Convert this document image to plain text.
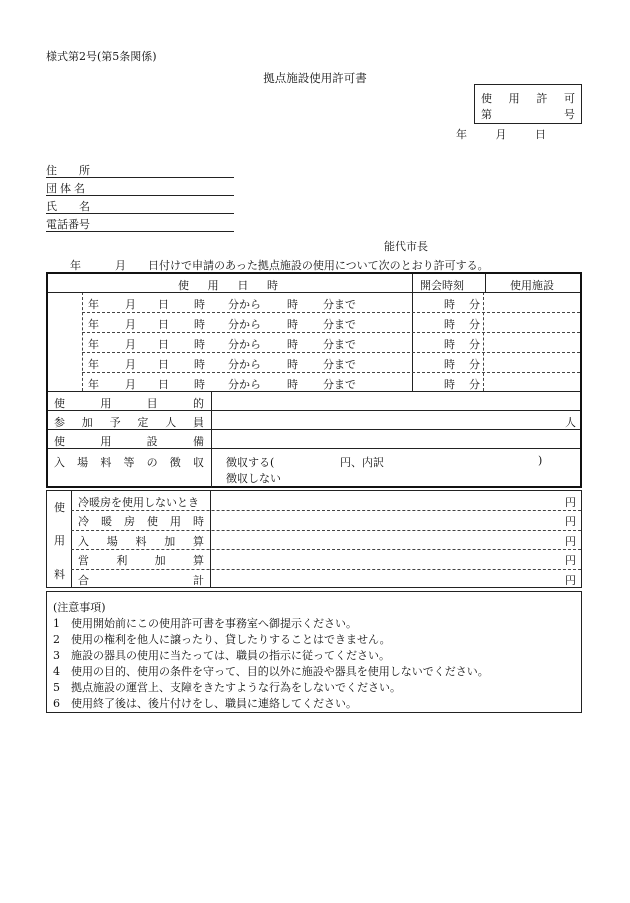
様式第2号(第5条関係)
拠点施設使用許可書
使 用 許 可
第	号
年	月	日
住　　所
団体名
氏　　名
電話番号
能代市長
年	月 日付けで申請のあった拠点施設の使用について次のとおり許可する。
使 用 日 時	開会時刻	使用施設
年 月 日 時 分から 時 分まで	時 分
年 月 日 時 分から 時 分まで	時 分
年 月 日 時 分から 時 分まで	時 分
年 月 日 時 分から 時 分まで	時 分
年 月 日 時 分から 時 分まで	時 分
使	用	目	的
参 加 予 定 人 員	人
使	用	設	備
入 場 料 等 の 徴 収 徴収する(	円、内訳	)
徴収しない
使
用
料
冷暖房を使用しないとき	円
冷 暖 房 使 用 時	円
入 場 料 加 算	円
営 利 加 算	円
合	計	円

(注意事項)

1　使用開始前にこの使用許可書を事務室へ御提示ください。

2　使用の権利を他人に譲ったり、貸したりすることはできません。

3　施設の器具の使用に当たっては、職員の指示に従ってください。

4　使用の目的、使用の条件を守って、目的以外に施設や器具を使用しないでください。

5　拠点施設の運営上、支障をきたすような行為をしないでください。

6　使用終了後は、後片付けをし、職員に連絡してください。
